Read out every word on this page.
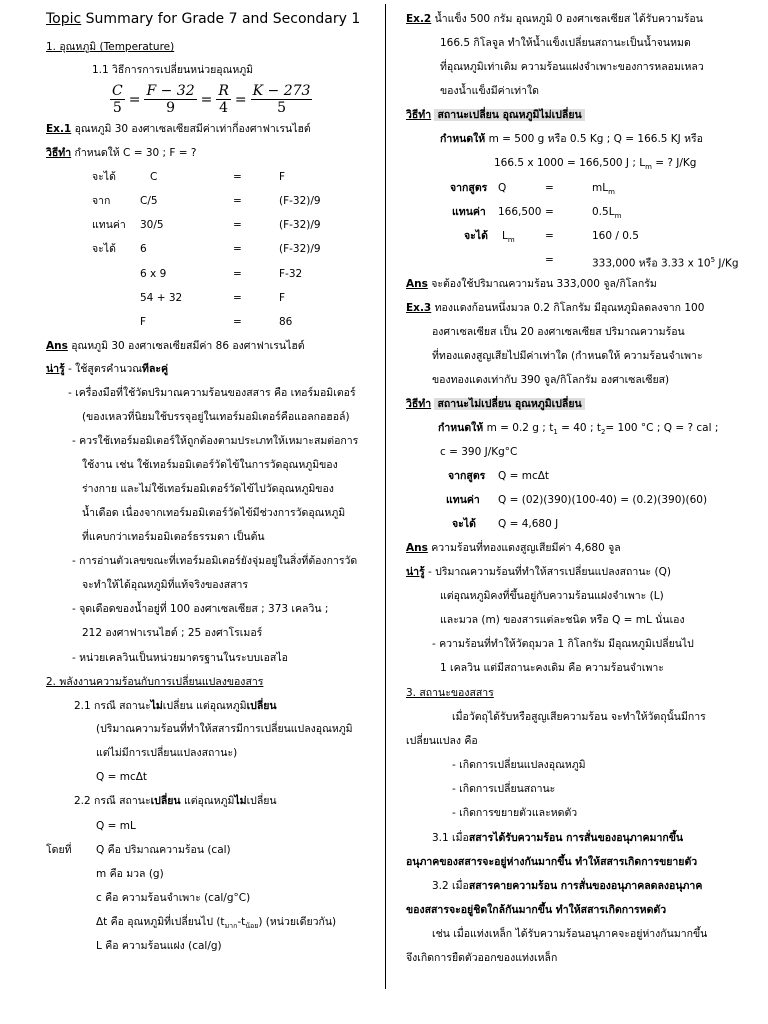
Topic Summary for Grade 7 and Secondary 1
1. อุณหภูมิ (Temperature)
1.1 วิธีการการเปลี่ยนหน่วยอุณหภูมิ
$\frac{C}{5} = \frac{F - 32}{9} = \frac{R}{4} = \frac{K - 273}{5}$
Ex.1 อุณหภูมิ 30 องศาเซลเซียสมีค่าเท่ากี่องศาฟาเรนไฮต์
วิธีทำ กำหนดให้ C = 30 ; F = ?
จะได้	C	=	F
จาก	C/5	=	(F-32)/9
แทนค่า 30/5	=	(F-32)/9
จะได้ 6	=	(F-32)/9
6 x 9	=	F-32
54 + 32	=	F
F	=	86
Ans อุณหภูมิ 30 องศาเซลเซียสมีค่า 86 องศาฟาเรนไฮต์
น่ารู้ - ใช้สูตรคำนวณทีละคู่
- เครื่องมือที่ใช้วัดปริมาณความร้อนของสสาร คือ เทอร์มอมิเตอร์
(ของเหลวที่นิยมใช้บรรจุอยู่ในเทอร์มอมิเตอร์คือแอลกอฮอล์)
- ควรใช้เทอร์มอมิเตอร์ให้ถูกต้องตามประเภทให้เหมาะสมต่อการ
ใช้งาน เช่น ใช้เทอร์มอมิเตอร์วัดไข้ในการวัดอุณหภูมิของ
ร่างกาย และไม่ใช้เทอร์มอมิเตอร์วัดไข้ไปวัดอุณหภูมิของ
น้ำเดือด เนื่องจากเทอร์มอมิเตอร์วัดไข้มีช่วงการวัดอุณหภูมิ
ที่แคบกว่าเทอร์มอมิเตอร์ธรรมดา เป็นต้น
- การอ่านตัวเลขขณะที่เทอร์มอมิเตอร์ยังจุ่มอยู่ในสิ่งที่ต้องการวัด
จะทำให้ได้อุณหภูมิที่แท้จริงของสสาร
- จุดเดือดของน้ำอยู่ที่ 100 องศาเซลเซียส ; 373 เคลวิน ;
212 องศาฟาเรนไฮต์ ; 25 องศาโรเมอร์
- หน่วยเคลวินเป็นหน่วยมาตรฐานในระบบเอสไอ
2. พลังงานความร้อนกับการเปลี่ยนแปลงของสาร
2.1 กรณี สถานะไม่เปลี่ยน แต่อุณหภูมิเปลี่ยน
(ปริมาณความร้อนที่ทำให้สสารมีการเปลี่ยนแปลงอุณหภูมิ
แต่ไม่มีการเปลี่ยนแปลงสถานะ)
Q = mcΔt
2.2 กรณี สถานะเปลี่ยน แต่อุณหภูมิไม่เปลี่ยน
Q = mL
โดยที่ Q คือ ปริมาณความร้อน (cal)
m คือ มวล (g)
c คือ ความร้อนจำเพาะ (cal/g°C)
Δt คือ อุณหภูมิที่เปลี่ยนไป $(t_{มาก}-t_{น้อย})$ (หน่วยเดียวกัน)
L คือ ความร้อนแฝง (cal/g)
Ex.2 น้ำแข็ง 500 กรัม อุณหภูมิ 0 องศาเซลเซียส ได้รับความร้อน
166.5 กิโลจูล ทำให้น้ำแข็งเปลี่ยนสถานะเป็นน้ำจนหมด
ที่อุณหภูมิเท่าเดิม ความร้อนแฝงจำเพาะของการหลอมเหลว
ของน้ำแข็งมีค่าเท่าใด
วิธีทำ สถานะเปลี่ยน อุณหภูมิไม่เปลี่ยน
กำหนดให้ m = 500 g หรือ 0.5 Kg ; Q = 166.5 KJ หรือ
166.5 x 1000 = 166,500 J ; $L_m$ = ? J/Kg
จากสูตร Q	=	$mL_m$
แทนค่า 166,500 =	$0.5L_m$
จะได้ $L_m$	=	160 / 0.5
=	333,000 หรือ 3.33 x $10^5$ J/Kg
Ans จะต้องใช้ปริมาณความร้อน 333,000 จูล/กิโลกรัม
Ex.3 ทองแดงก้อนหนึ่งมวล 0.2 กิโลกรัม มีอุณหภูมิลดลงจาก 100
องศาเซลเซียส เป็น 20 องศาเซลเซียส ปริมาณความร้อน
ที่ทองแดงสูญเสียไปมีค่าเท่าใด (กำหนดให้ ความร้อนจำเพาะ
ของทองแดงเท่ากับ 390 จูล/กิโลกรัม องศาเซลเซียส)
วิธีทำ สถานะไม่เปลี่ยน อุณหภูมิเปลี่ยน
กำหนดให้ m = 0.2 g ; $t_1 = 40$ ; $t_2= 100$ °C ; Q = ? cal ;
c = 390 J/Kg°C
จากสูตร Q = mcΔt
แทนค่า Q = (02)(390)(100-40) = (0.2)(390)(60)
จะได้ Q = 4,680 J
Ans ความร้อนที่ทองแดงสูญเสียมีค่า 4,680 จูล
น่ารู้ - ปริมาณความร้อนที่ทำให้สารเปลี่ยนแปลงสถานะ (Q)
แต่อุณหภูมิคงที่ขึ้นอยู่กับความร้อนแฝงจำเพาะ (L)
และมวล (m) ของสารแต่ละชนิด หรือ Q = mL นั่นเอง
- ความร้อนที่ทำให้วัตถุมวล 1 กิโลกรัม มีอุณหภูมิเปลี่ยนไป
1 เคลวิน แต่มีสถานะคงเดิม คือ ความร้อนจำเพาะ
3. สถานะของสสาร
เมื่อวัตถุได้รับหรือสูญเสียความร้อน จะทำให้วัตถุนั้นมีการ
เปลี่ยนแปลง คือ
- เกิดการเปลี่ยนแปลงอุณหภูมิ
- เกิดการเปลี่ยนสถานะ
- เกิดการขยายตัวและหดตัว
3.1 เมื่อสสารได้รับความร้อน การสั่นของอนุภาคมากขึ้น
อนุภาคของสสารจะอยู่ห่างกันมากขึ้น ทำให้สสารเกิดการขยายตัว
3.2 เมื่อสสารคายความร้อน การสั่นของอนุภาคลดลงอนุภาค
ของสสารจะอยู่ชิดใกล้กันมากขึ้น ทำให้สสารเกิดการหดตัว
เช่น เมื่อแท่งเหล็ก ได้รับความร้อนอนุภาคจะอยู่ห่างกันมากขึ้น
จึงเกิดการยืดตัวออกของแท่งเหล็ก
